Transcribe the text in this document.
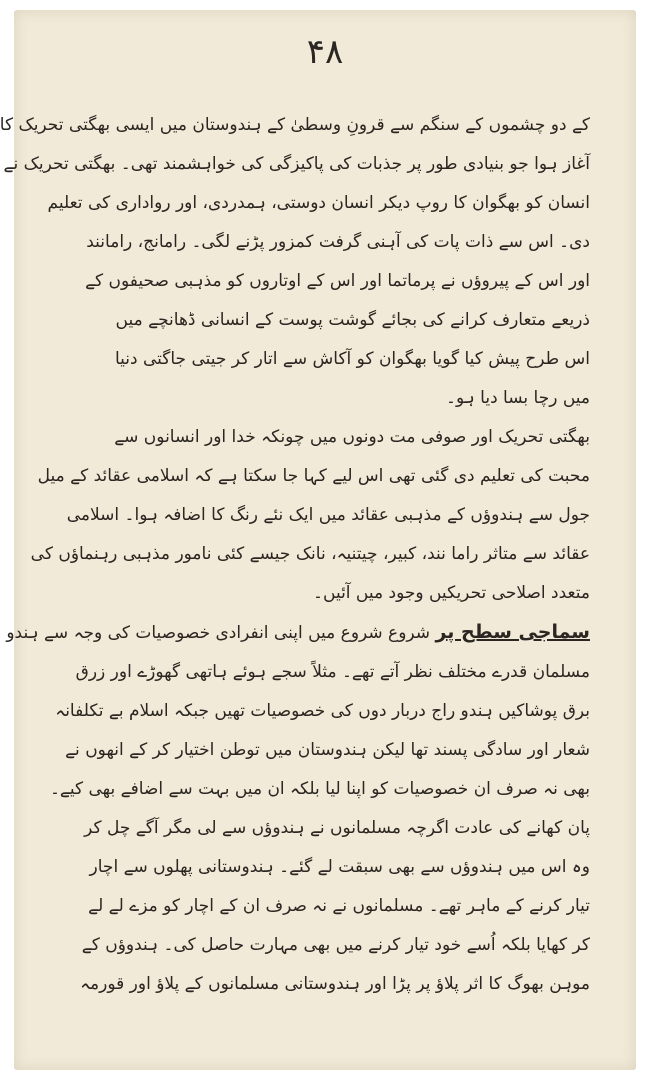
۴۸

کے دو چشموں کے سنگم سے قرونِ وسطیٰ کے ہندوستان میں ایسی بھگتی تحریک کا
آغاز ہوا جو بنیادی طور پر جذبات کی پاکیزگی کی خواہشمند تھی۔ بھگتی تحریک نے
انسان کو بھگوان کا روپ دیکر انسان دوستی، ہمدردی، اور رواداری کی تعلیم
دی۔ اس سے ذات پات کی آہنی گرفت کمزور پڑنے لگی۔ رامانج، رامانند
اور اس کے پیروؤں نے پرماتما اور اس کے اوتاروں کو مذہبی صحیفوں کے
ذریعے متعارف کرانے کی بجائے گوشت پوست کے انسانی ڈھانچے میں
اس طرح پیش کیا گویا بھگوان کو آکاش سے اتار کر جیتی جاگتی دنیا
میں رچا بسا دیا ہو۔

بھگتی تحریک اور صوفی مت دونوں میں چونکہ خدا اور انسانوں سے
محبت کی تعلیم دی گئی تھی اس لیے کہا جا سکتا ہے کہ اسلامی عقائد کے میل
جول سے ہندوؤں کے مذہبی عقائد میں ایک نئے رنگ کا اضافہ ہوا۔ اسلامی
عقائد سے متاثر راما نند، کبیر، چیتنیہ، نانک جیسے کئی نامور مذہبی رہنماؤں کی
متعدد اصلاحی تحریکیں وجود میں آئیں۔

سماجی سطح پر شروع شروع میں اپنی انفرادی خصوصیات کی وجہ سے ہندو
مسلمان قدرے مختلف نظر آتے تھے۔ مثلاً سجے ہوئے ہاتھی گھوڑے اور زرق
برق پوشاکیں ہندو راج دربار دوں کی خصوصیات تھیں جبکہ اسلام بے تکلفانہ
شعار اور سادگی پسند تھا لیکن ہندوستان میں توطن اختیار کر کے انھوں نے
بھی نہ صرف ان خصوصیات کو اپنا لیا بلکہ ان میں بہت سے اضافے بھی کیے۔

پان کھانے کی عادت اگرچہ مسلمانوں نے ہندوؤں سے لی مگر آگے چل کر
وہ اس میں ہندوؤں سے بھی سبقت لے گئے۔ ہندوستانی پھلوں سے اچار
تیار کرنے کے ماہر تھے۔ مسلمانوں نے نہ صرف ان کے اچار کو مزے لے لے
کر کھایا بلکہ اُسے خود تیار کرنے میں بھی مہارت حاصل کی۔ ہندوؤں کے
موہن بھوگ کا اثر پلاؤ پر پڑا اور ہندوستانی مسلمانوں کے پلاؤ اور قورمہ
